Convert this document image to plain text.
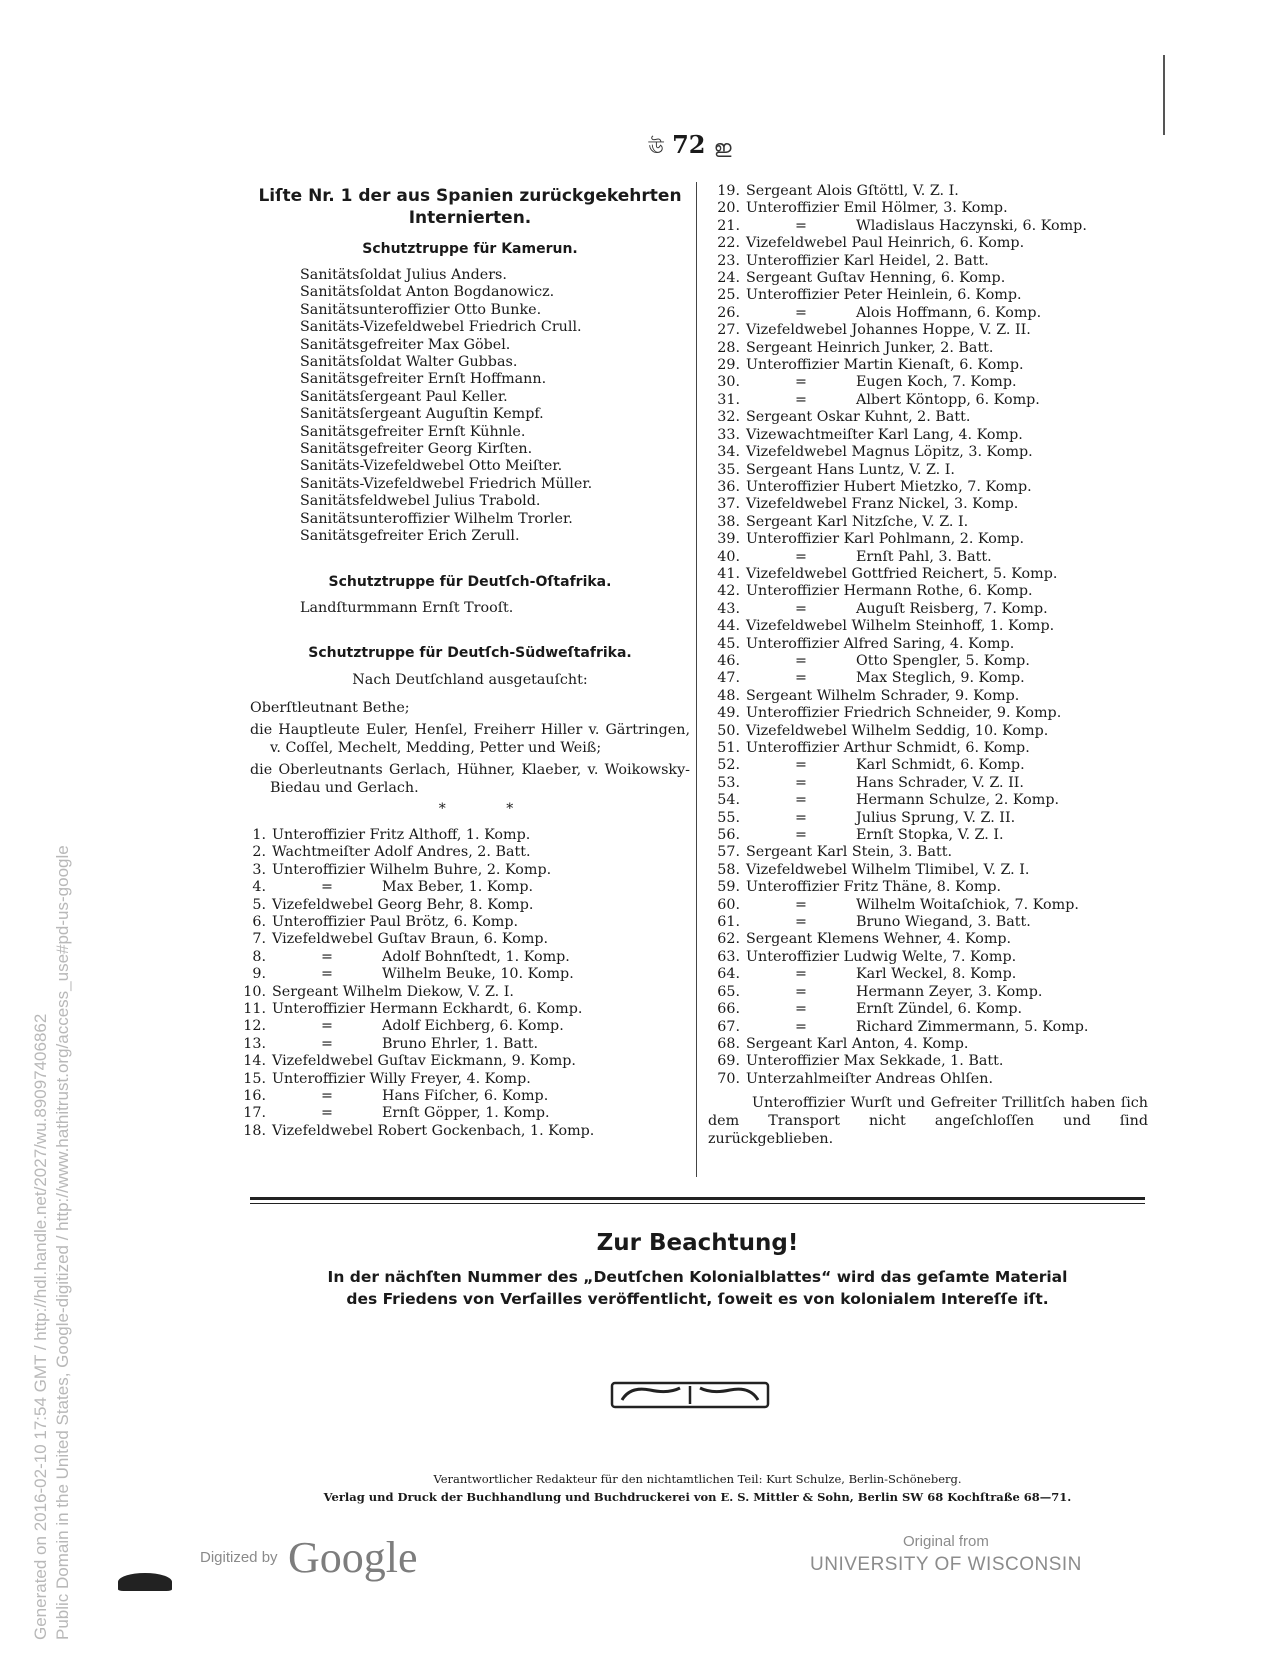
Generated on 2016-02-10 17:54 GMT / http://hdl.handle.net/2027/wu.89097406862 Public Domain in the United States, Google-digitized / http://www.hathitrust.org/access_use#pd-us-google
ঊ 72 ഇ
Liſte Nr. 1 der aus Spanien zurückgekehrten
Internierten.
Schutztruppe für Kamerun.
Sanitätsſoldat Julius Anders.
Sanitätsſoldat Anton Bogdanowicz.
Sanitätsunteroffizier Otto Bunke.
Sanitäts-Vizefeldwebel Friedrich Crull.
Sanitätsgefreiter Max Göbel.
Sanitätsſoldat Walter Gubbas.
Sanitätsgefreiter Ernſt Hoffmann.
Sanitätsſergeant Paul Keller.
Sanitätsſergeant Auguſtin Kempf.
Sanitätsgefreiter Ernſt Kühnle.
Sanitätsgefreiter Georg Kirſten.
Sanitäts-Vizefeldwebel Otto Meiſter.
Sanitäts-Vizefeldwebel Friedrich Müller.
Sanitätsfeldwebel Julius Trabold.
Sanitätsunteroffizier Wilhelm Trorler.
Sanitätsgefreiter Erich Zerull.
Schutztruppe für Deutſch-Oſtafrika.
Landſturmmann Ernſt Trooſt.
Schutztruppe für Deutſch-Südweſtafrika.
Nach Deutſchland ausgetauſcht:
Oberſtleutnant Bethe;
die Hauptleute Euler, Henſel, Freiherr Hiller v. Gärtringen, v. Coſſel, Mechelt, Medding, Petter und Weiß;
die Oberleutnants Gerlach, Hühner, Klaeber, v. Woikowsky-Biedau und Gerlach.
* *
1. Unteroffizier Fritz Althoff, 1. Komp.
2. Wachtmeiſter Adolf Andres, 2. Batt.
3. Unteroffizier Wilhelm Buhre, 2. Komp.
4.	=	Max Beber, 1. Komp.
5. Vizefeldwebel Georg Behr, 8. Komp.
6. Unteroffizier Paul Brötz, 6. Komp.
7. Vizefeldwebel Guſtav Braun, 6. Komp.
8.	=	Adolf Bohnſtedt, 1. Komp.
9.	=	Wilhelm Beuke, 10. Komp.
10. Sergeant Wilhelm Diekow, V. Z. I.
11. Unteroffizier Hermann Eckhardt, 6. Komp.
12.	=	Adolf Eichberg, 6. Komp.
13.	=	Bruno Ehrler, 1. Batt.
14. Vizefeldwebel Guſtav Eickmann, 9. Komp.
15. Unteroffizier Willy Freyer, 4. Komp.
16.	=	Hans Fiſcher, 6. Komp.
17.	=	Ernſt Göpper, 1. Komp.
18. Vizefeldwebel Robert Gockenbach, 1. Komp.
19. Sergeant Alois Gſtöttl, V. Z. I.
20. Unteroffizier Emil Hölmer, 3. Komp.
21.	=	Wladislaus Haczynski, 6. Komp.
22. Vizefeldwebel Paul Heinrich, 6. Komp.
23. Unteroffizier Karl Heidel, 2. Batt.
24. Sergeant Guſtav Henning, 6. Komp.
25. Unteroffizier Peter Heinlein, 6. Komp.
26.	=	Alois Hoffmann, 6. Komp.
27. Vizefeldwebel Johannes Hoppe, V. Z. II.
28. Sergeant Heinrich Junker, 2. Batt.
29. Unteroffizier Martin Kienaſt, 6. Komp.
30.	=	Eugen Koch, 7. Komp.
31.	=	Albert Köntopp, 6. Komp.
32. Sergeant Oskar Kuhnt, 2. Batt.
33. Vizewachtmeiſter Karl Lang, 4. Komp.
34. Vizefeldwebel Magnus Löpitz, 3. Komp.
35. Sergeant Hans Luntz, V. Z. I.
36. Unteroffizier Hubert Mietzko, 7. Komp.
37. Vizefeldwebel Franz Nickel, 3. Komp.
38. Sergeant Karl Nitzſche, V. Z. I.
39. Unteroffizier Karl Pohlmann, 2. Komp.
40.	=	Ernſt Pahl, 3. Batt.
41. Vizefeldwebel Gottfried Reichert, 5. Komp.
42. Unteroffizier Hermann Rothe, 6. Komp.
43.	=	Auguſt Reisberg, 7. Komp.
44. Vizefeldwebel Wilhelm Steinhoff, 1. Komp.
45. Unteroffizier Alfred Saring, 4. Komp.
46.	=	Otto Spengler, 5. Komp.
47.	=	Max Steglich, 9. Komp.
48. Sergeant Wilhelm Schrader, 9. Komp.
49. Unteroffizier Friedrich Schneider, 9. Komp.
50. Vizefeldwebel Wilhelm Seddig, 10. Komp.
51. Unteroffizier Arthur Schmidt, 6. Komp.
52.	=	Karl Schmidt, 6. Komp.
53.	=	Hans Schrader, V. Z. II.
54.	=	Hermann Schulze, 2. Komp.
55.	=	Julius Sprung, V. Z. II.
56.	=	Ernſt Stopka, V. Z. I.
57. Sergeant Karl Stein, 3. Batt.
58. Vizefeldwebel Wilhelm Tlimibel, V. Z. I.
59. Unteroffizier Fritz Thäne, 8. Komp.
60.	=	Wilhelm Woitaſchiok, 7. Komp.
61.	=	Bruno Wiegand, 3. Batt.
62. Sergeant Klemens Wehner, 4. Komp.
63. Unteroffizier Ludwig Welte, 7. Komp.
64.	=	Karl Weckel, 8. Komp.
65.	=	Hermann Zeyer, 3. Komp.
66.	=	Ernſt Zündel, 6. Komp.
67.	=	Richard Zimmermann, 5. Komp.
68. Sergeant Karl Anton, 4. Komp.
69. Unteroffizier Max Sekkade, 1. Batt.
70. Unterzahlmeiſter Andreas Ohlſen.
Unteroffizier Wurſt und Gefreiter Trillitſch haben ſich dem Transport nicht angeſchloſſen und ſind zurückgeblieben.
Zur Beachtung!
In der nächſten Nummer des „Deutſchen Kolonialblattes“ wird das geſamte Material
des Friedens von Verſailles veröffentlicht, ſoweit es von kolonialem Intereſſe iſt.
Verantwortlicher Redakteur für den nichtamtlichen Teil: Kurt Schulze, Berlin-Schöneberg.
Verlag und Druck der Buchhandlung und Buchdruckerei von E. S. Mittler & Sohn, Berlin SW 68 Kochſtraße 68—71.
Digitized by Google	Original from
UNIVERSITY OF WISCONSIN
